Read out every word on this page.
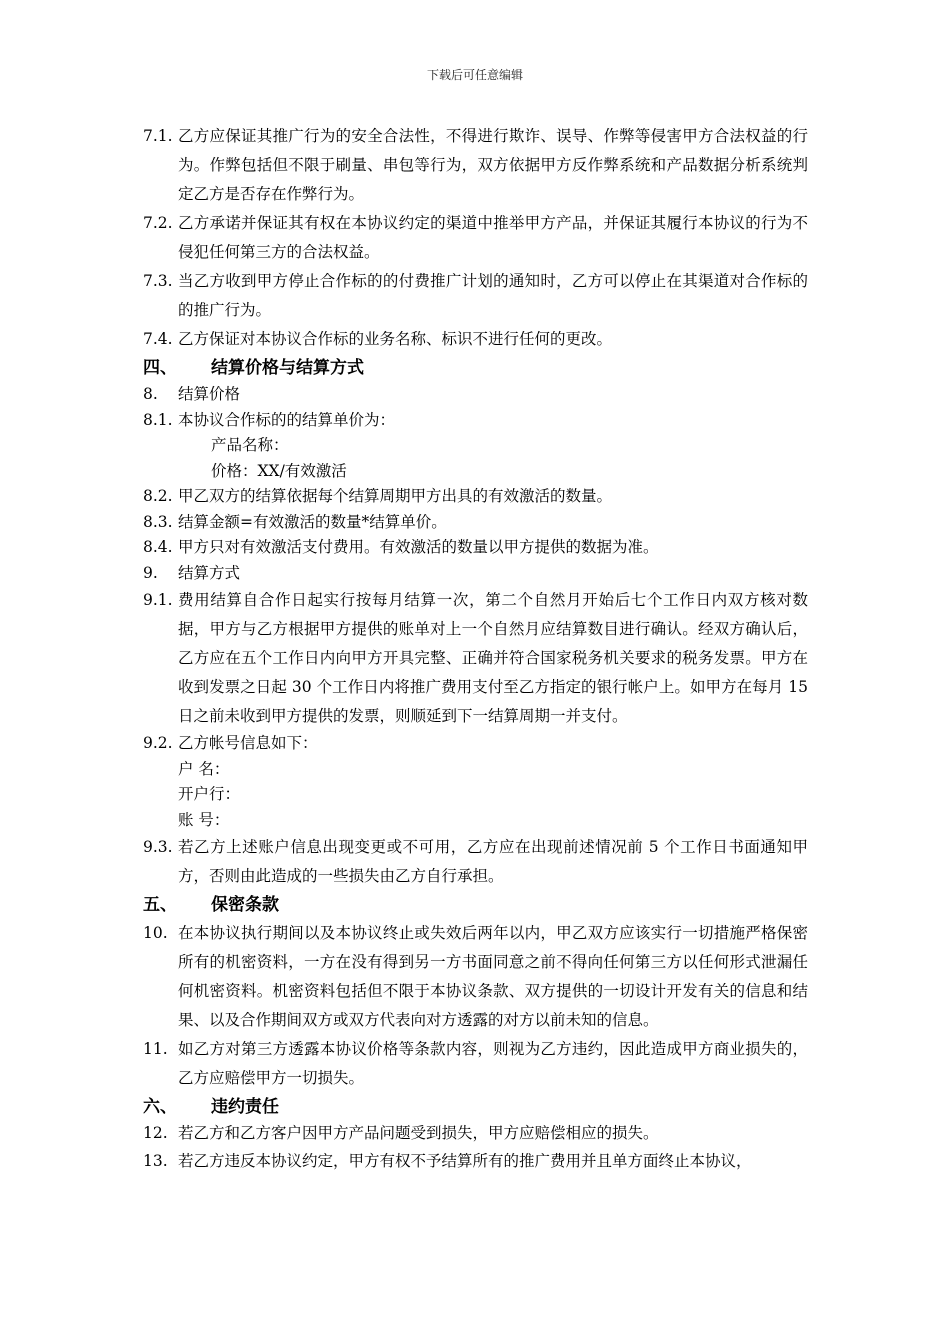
下载后可任意编辑
7.1. 乙方应保证其推广行为的安全合法性，不得进行欺诈、误导、作弊等侵害甲方合法权益的行为。作弊包括但不限于刷量、串包等行为，双方依据甲方反作弊系统和产品数据分析系统判定乙方是否存在作弊行为。
7.2. 乙方承诺并保证其有权在本协议约定的渠道中推举甲方产品，并保证其履行本协议的行为不侵犯任何第三方的合法权益。
7.3. 当乙方收到甲方停止合作标的的付费推广计划的通知时，乙方可以停止在其渠道对合作标的的推广行为。
7.4. 乙方保证对本协议合作标的业务名称、标识不进行任何的更改。
四、	结算价格与结算方式
8.	结算价格
8.1. 本协议合作标的的结算单价为：
产品名称：
价格：XX/有效激活
8.2. 甲乙双方的结算依据每个结算周期甲方出具的有效激活的数量。
8.3. 结算金额=有效激活的数量*结算单价。
8.4. 甲方只对有效激活支付费用。有效激活的数量以甲方提供的数据为准。
9.	结算方式
9.1. 费用结算自合作日起实行按每月结算一次，第二个自然月开始后七个工作日内双方核对数据，甲方与乙方根据甲方提供的账单对上一个自然月应结算数目进行确认。经双方确认后，乙方应在五个工作日内向甲方开具完整、正确并符合国家税务机关要求的税务发票。甲方在收到发票之日起 30 个工作日内将推广费用支付至乙方指定的银行帐户上。如甲方在每月 15 日之前未收到甲方提供的发票，则顺延到下一结算周期一并支付。
9.2. 乙方帐号信息如下：
户 名：
开户行：
账 号：
9.3. 若乙方上述账户信息出现变更或不可用，乙方应在出现前述情况前 5 个工作日书面通知甲方，否则由此造成的一些损失由乙方自行承担。
五、	保密条款
10. 在本协议执行期间以及本协议终止或失效后两年以内，甲乙双方应该实行一切措施严格保密所有的机密资料，一方在没有得到另一方书面同意之前不得向任何第三方以任何形式泄漏任何机密资料。机密资料包括但不限于本协议条款、双方提供的一切设计开发有关的信息和结果、以及合作期间双方或双方代表向对方透露的对方以前未知的信息。
11. 如乙方对第三方透露本协议价格等条款内容，则视为乙方违约，因此造成甲方商业损失的，乙方应赔偿甲方一切损失。
六、	违约责任
12. 若乙方和乙方客户因甲方产品问题受到损失，甲方应赔偿相应的损失。
13. 若乙方违反本协议约定，甲方有权不予结算所有的推广费用并且单方面终止本协议，
